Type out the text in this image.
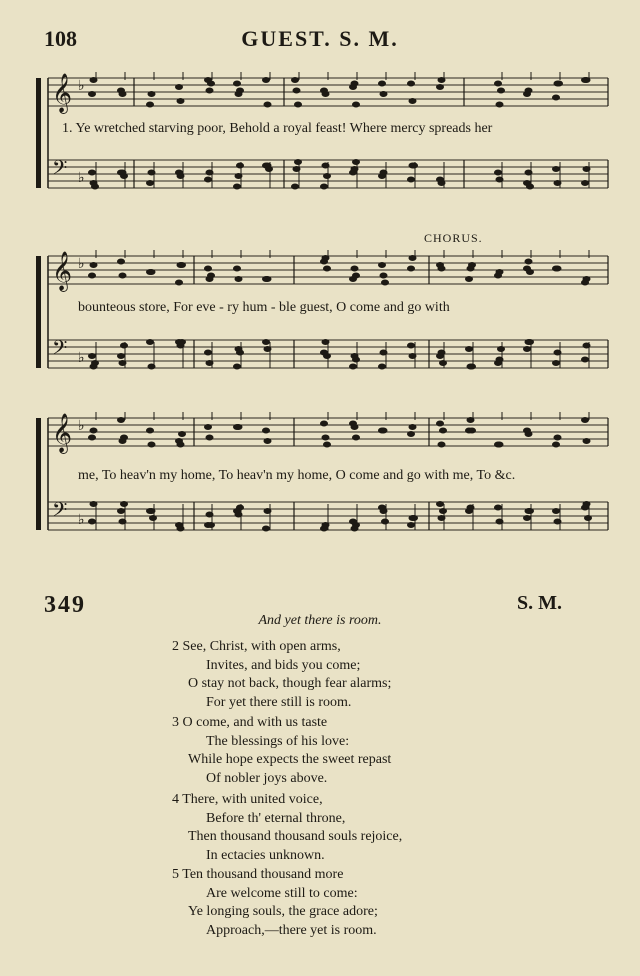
108	GUEST. S. M.
𝄞 ♭
𝄢 ♭
1. Ye wretched starving poor, Behold a royal feast! Where mercy spreads her
𝄞 ♭
𝄢 ♭
bounteous store, For eve - ry hum - ble guest, O come and go with
CHORUS.
𝄞 ♭
𝄢 ♭
me, To heav'n my home, To heav'n my home, O come and go with me, To &c.
349	S. M.
And yet there is room.
2 See, Christ, with open arms,
Invites, and bids you come;
O stay not back, though fear alarms;
For yet there still is room.
3 O come, and with us taste
The blessings of his love:
While hope expects the sweet repast
Of nobler joys above.
4 There, with united voice,
Before th' eternal throne,
Then thousand thousand souls rejoice,
In ectacies unknown.
5 Ten thousand thousand more
Are welcome still to come:
Ye longing souls, the grace adore;
Approach,—there yet is room.
